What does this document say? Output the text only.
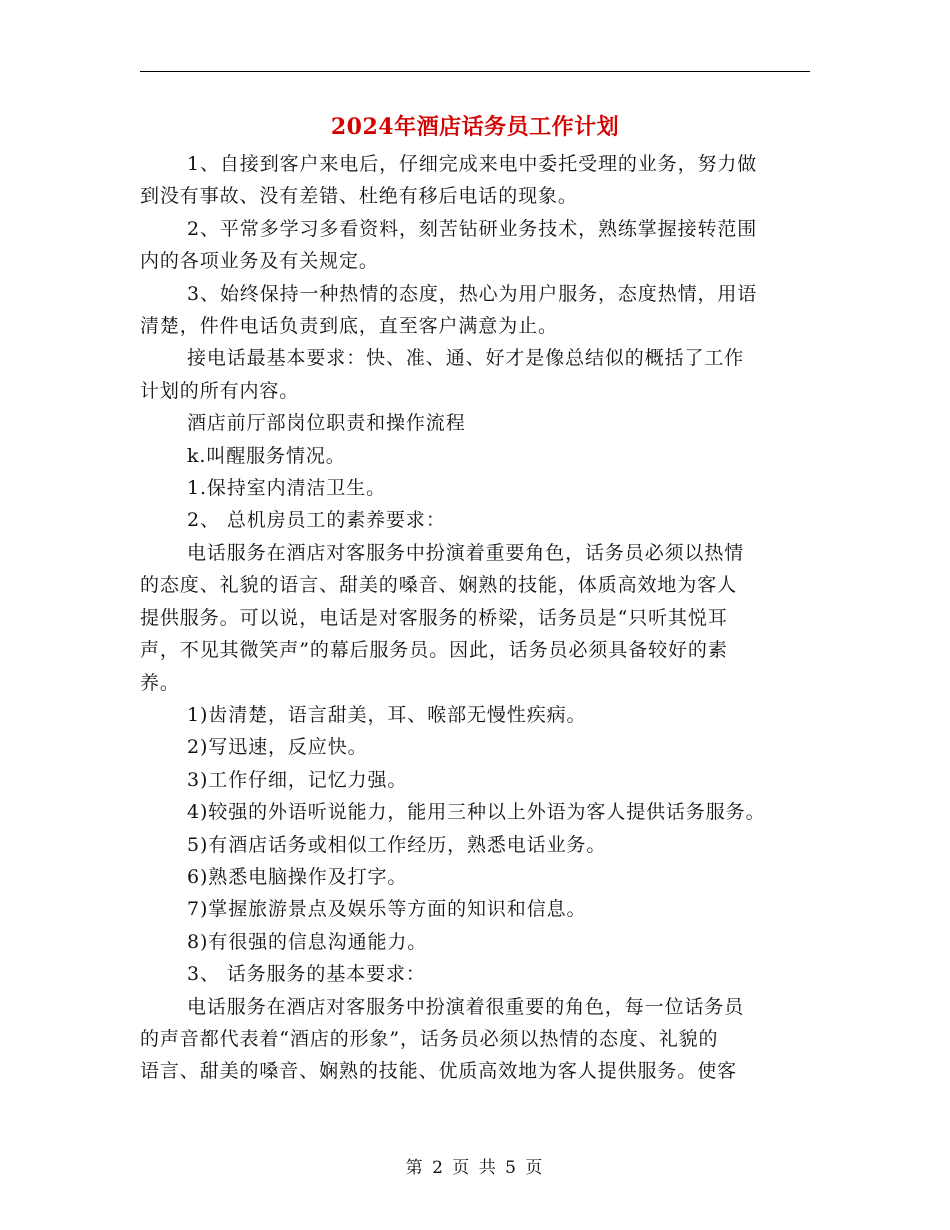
2024年酒店话务员工作计划

1、自接到客户来电后，仔细完成来电中委托受理的业务，努力做

到没有事故、没有差错、杜绝有移后电话的现象。

2、平常多学习多看资料，刻苦钻研业务技术，熟练掌握接转范围

内的各项业务及有关规定。

3、始终保持一种热情的态度，热心为用户服务，态度热情，用语

清楚，件件电话负责到底，直至客户满意为止。

接电话最基本要求：快、准、通、好才是像总结似的概括了工作

计划的所有内容。

酒店前厅部岗位职责和操作流程

k.叫醒服务情况。

1.保持室内清洁卫生。

2、 总机房员工的素养要求：

电话服务在酒店对客服务中扮演着重要角色，话务员必须以热情

的态度、礼貌的语言、甜美的嗓音、娴熟的技能，体质高效地为客人

提供服务。可以说，电话是对客服务的桥梁，话务员是“只听其悦耳

声，不见其微笑声”的幕后服务员。因此，话务员必须具备较好的素

养。

1)齿清楚，语言甜美，耳、喉部无慢性疾病。

2)写迅速，反应快。

3)工作仔细，记忆力强。

4)较强的外语听说能力，能用三种以上外语为客人提供话务服务。

5)有酒店话务或相似工作经历，熟悉电话业务。

6)熟悉电脑操作及打字。

7)掌握旅游景点及娱乐等方面的知识和信息。

8)有很强的信息沟通能力。

3、 话务服务的基本要求：

电话服务在酒店对客服务中扮演着很重要的角色，每一位话务员

的声音都代表着“酒店的形象”，话务员必须以热情的态度、礼貌的

语言、甜美的嗓音、娴熟的技能、优质高效地为客人提供服务。使客

第 2 页 共 5 页
